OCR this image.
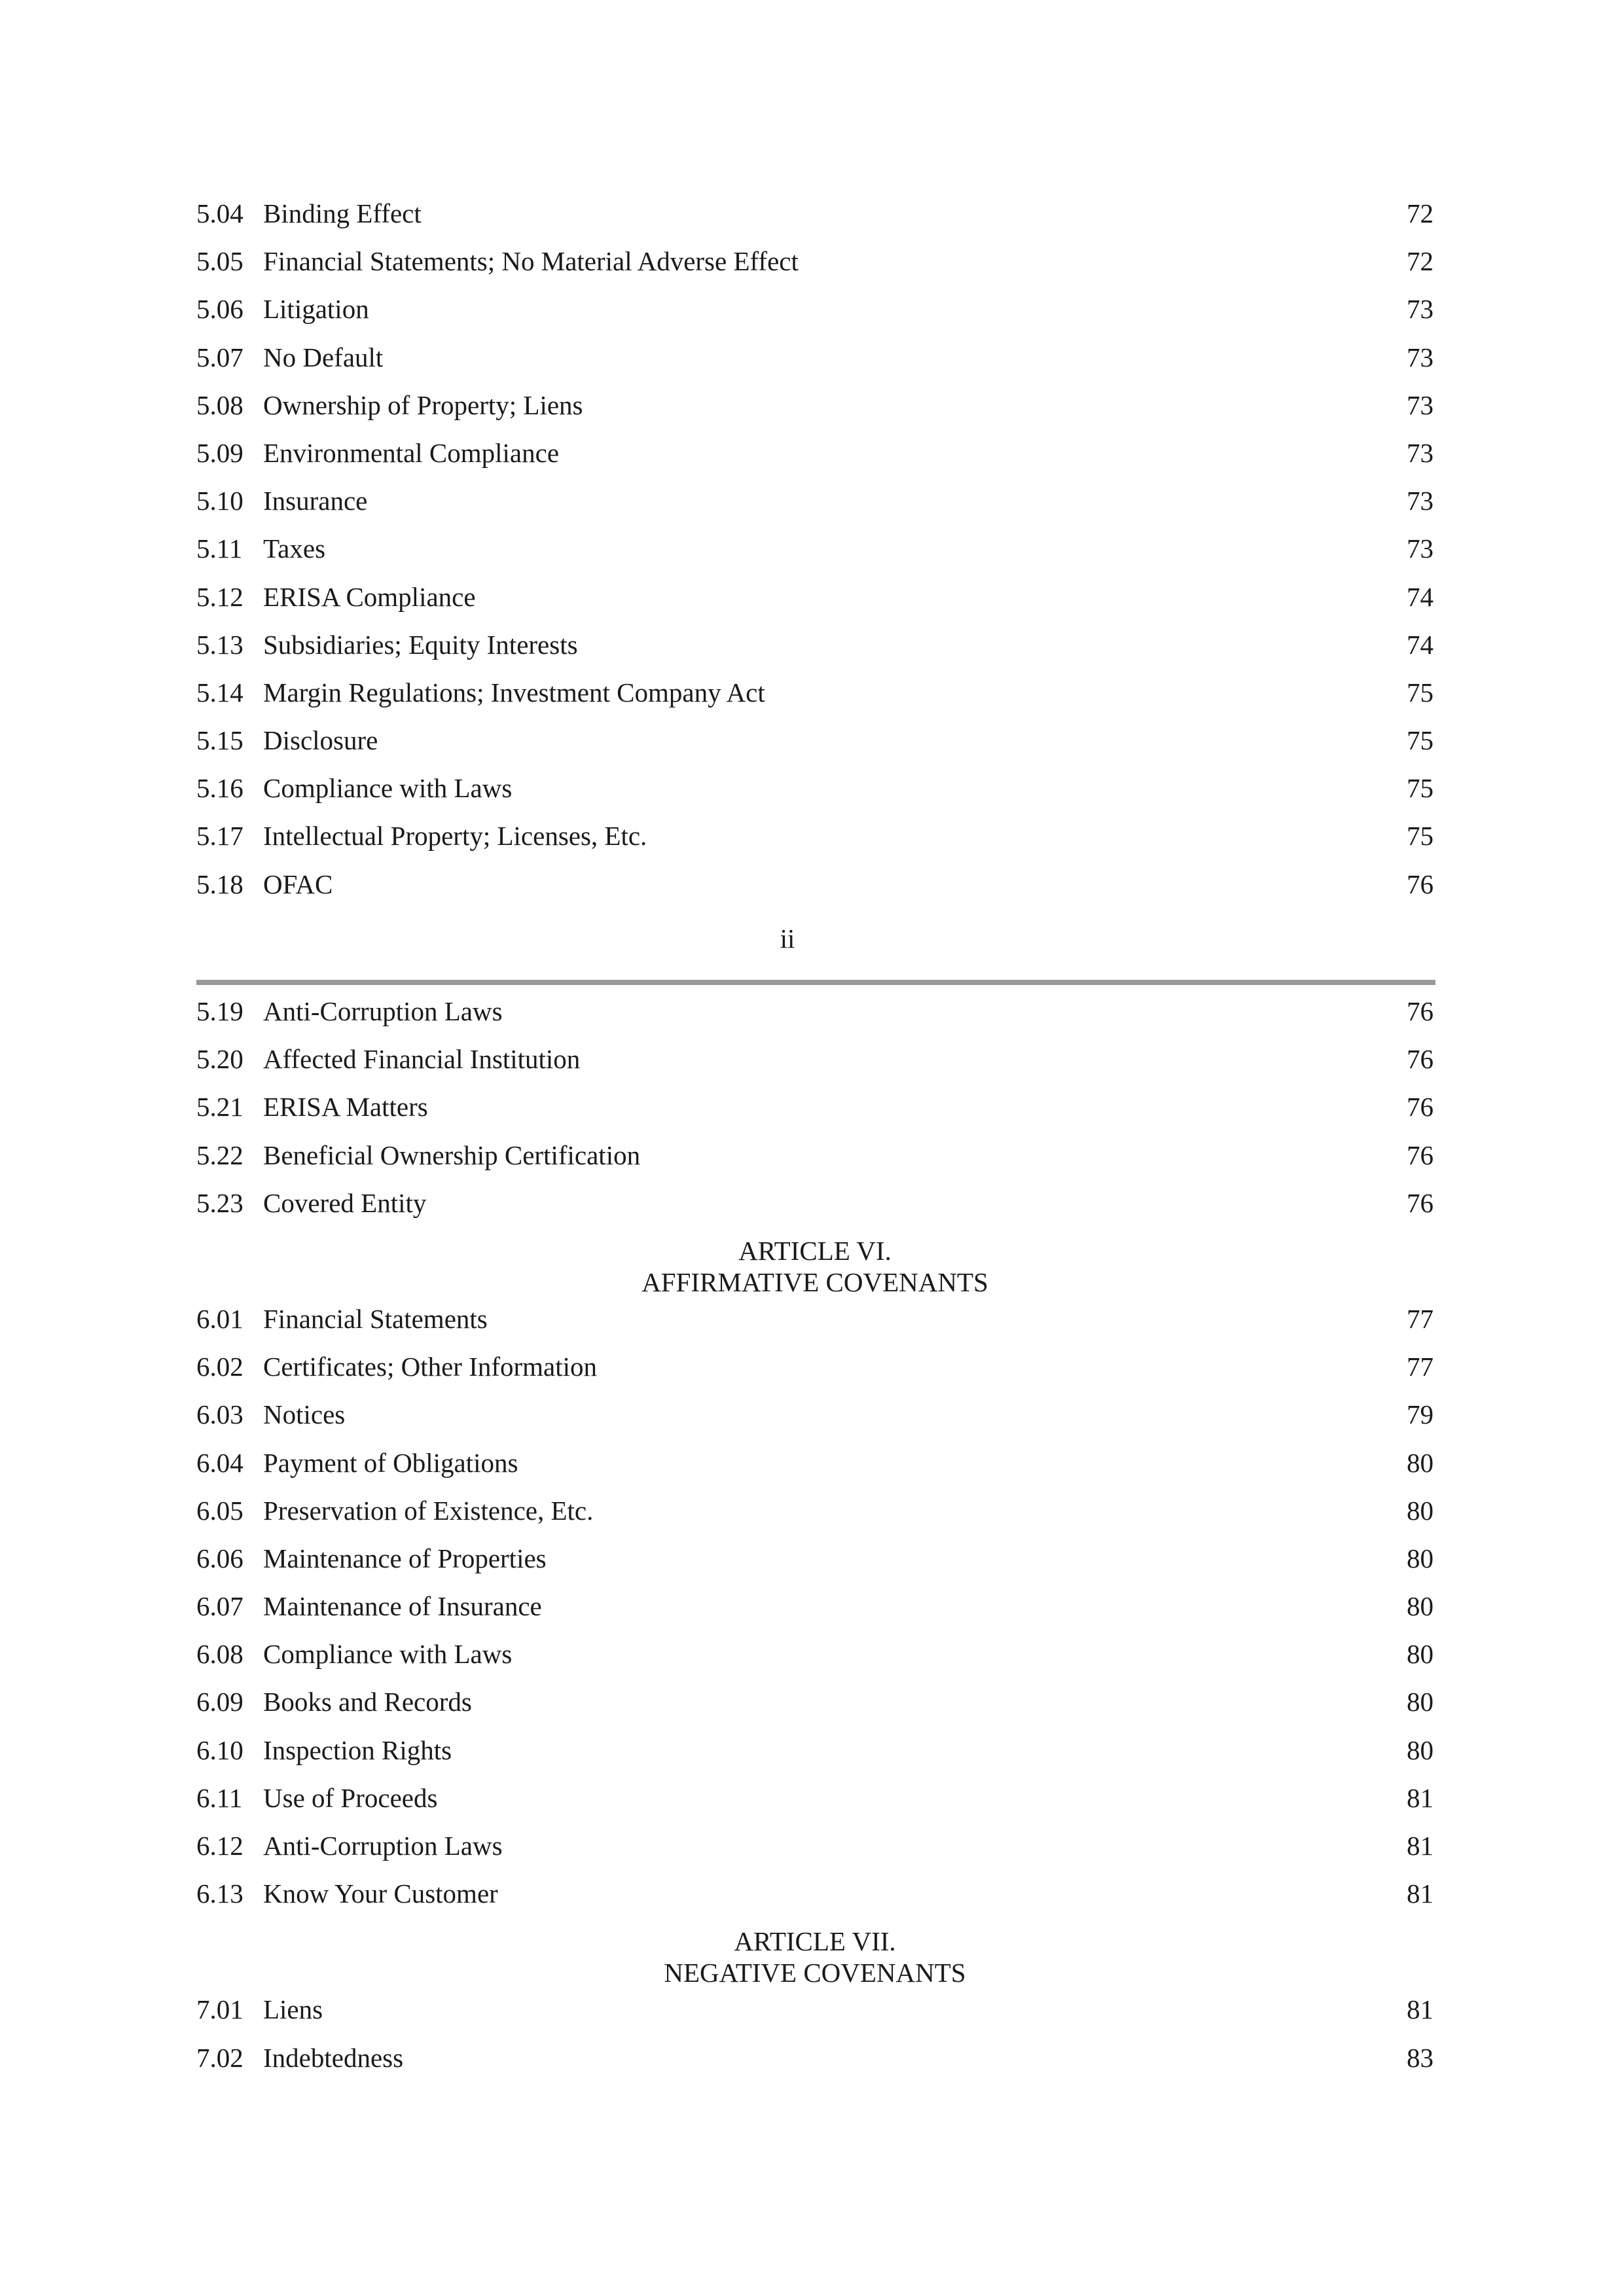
5.04 Binding Effect	72
5.05 Financial Statements; No Material Adverse Effect	72
5.06 Litigation	73
5.07 No Default	73
5.08 Ownership of Property; Liens	73
5.09 Environmental Compliance	73
5.10 Insurance	73
5.11 Taxes	73
5.12 ERISA Compliance	74
5.13 Subsidiaries; Equity Interests	74
5.14 Margin Regulations; Investment Company Act	75
5.15 Disclosure	75
5.16 Compliance with Laws	75
5.17 Intellectual Property; Licenses, Etc.	75
5.18 OFAC	76
ii
5.19 Anti-Corruption Laws	76
5.20 Affected Financial Institution	76
5.21 ERISA Matters	76
5.22 Beneficial Ownership Certification	76
5.23 Covered Entity	76
ARTICLE VI.
AFFIRMATIVE COVENANTS
6.01 Financial Statements	77
6.02 Certificates; Other Information	77
6.03 Notices	79
6.04 Payment of Obligations	80
6.05 Preservation of Existence, Etc.	80
6.06 Maintenance of Properties	80
6.07 Maintenance of Insurance	80
6.08 Compliance with Laws	80
6.09 Books and Records	80
6.10 Inspection Rights	80
6.11 Use of Proceeds	81
6.12 Anti-Corruption Laws	81
6.13 Know Your Customer	81
ARTICLE VII.
NEGATIVE COVENANTS
7.01 Liens	81
7.02 Indebtedness	83
